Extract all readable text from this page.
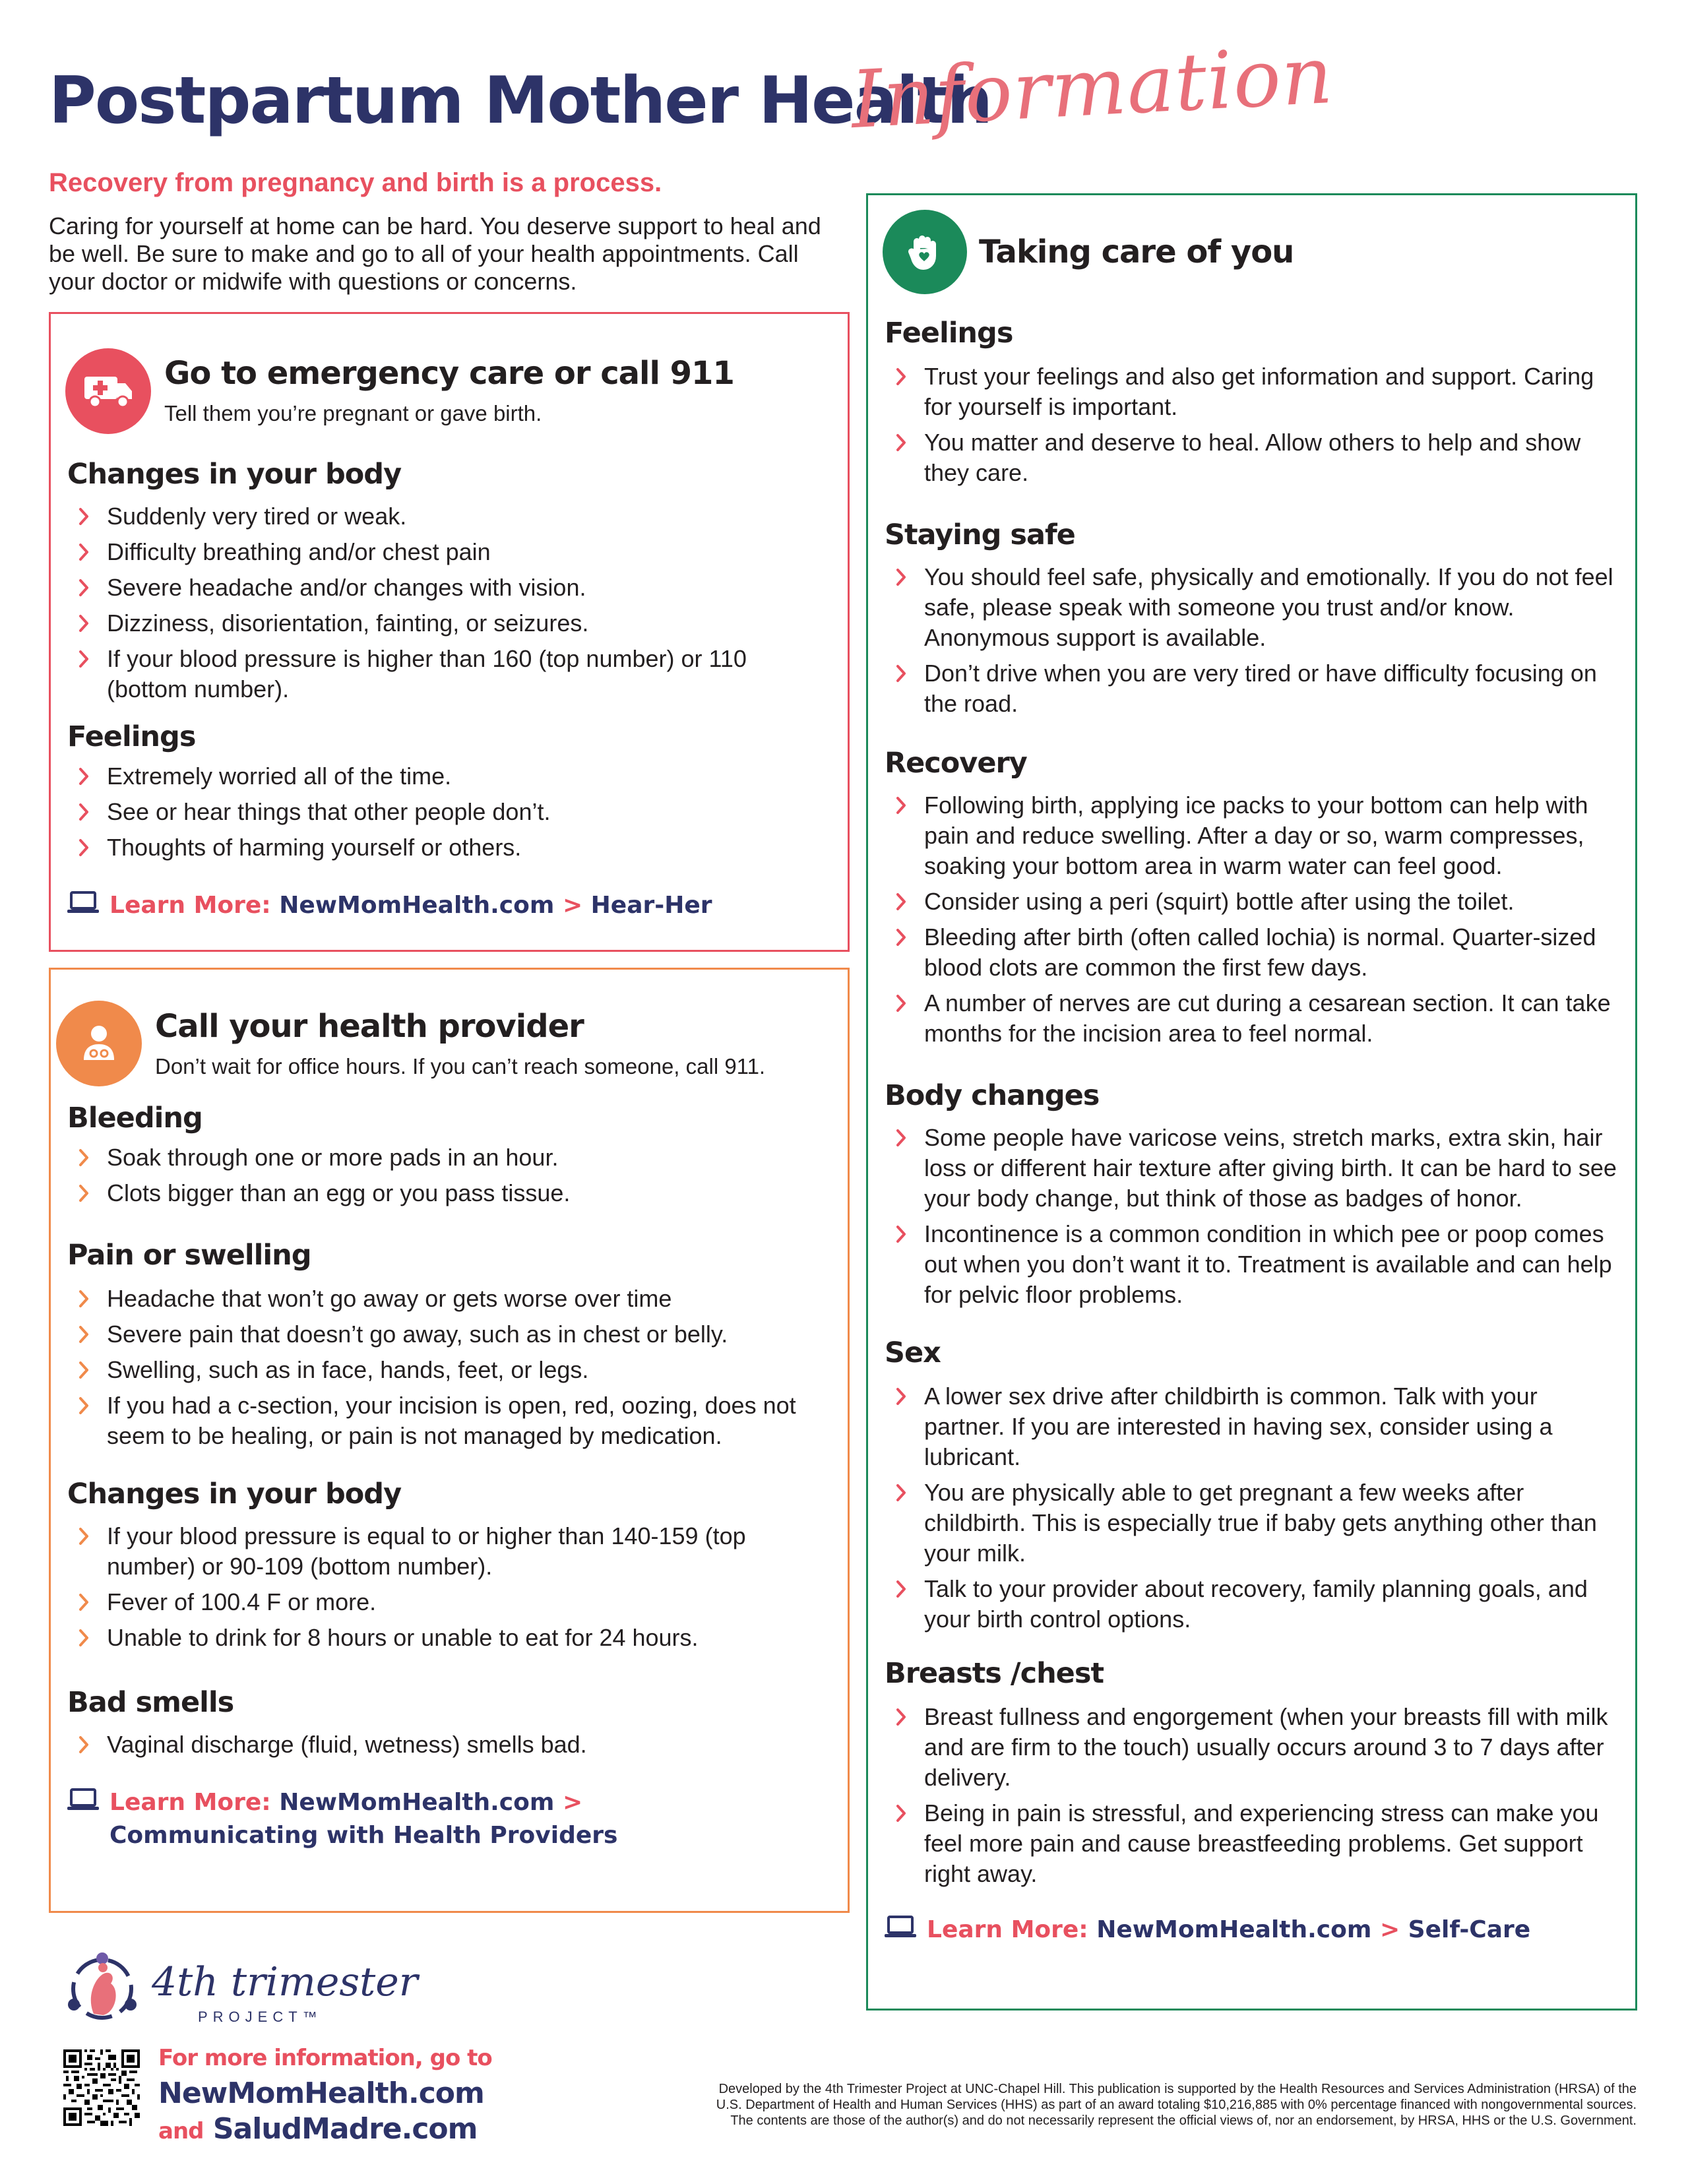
Postpartum Mother Health
Information
Recovery from pregnancy and birth is a process.
Caring for yourself at home can be hard. You deserve support to heal and be well. Be sure to make and go to all of your health appointments. Call your doctor or midwife with questions or concerns.
Go to emergency care or call 911
Tell them you’re pregnant or gave birth.
Changes in your body
Suddenly very tired or weak.
Difficulty breathing and/or chest pain
Severe headache and/or changes with vision.
Dizziness, disorientation, fainting, or seizures.
If your blood pressure is higher than 160 (top number) or 110 (bottom number).
Feelings
Extremely worried all of the time.
See or hear things that other people don’t.
Thoughts of harming yourself or others.
Learn More: NewMomHealth.com > Hear-Her
Call your health provider
Don’t wait for office hours. If you can’t reach someone, call 911.
Bleeding
Soak through one or more pads in an hour.
Clots bigger than an egg or you pass tissue.
Pain or swelling
Headache that won’t go away or gets worse over time
Severe pain that doesn’t go away, such as in chest or belly.
Swelling, such as in face, hands, feet, or legs.
If you had a c-section, your incision is open, red, oozing, does not seem to be healing, or pain is not managed by medication.
Changes in your body
If your blood pressure is equal to or higher than 140-159 (top number) or 90-109 (bottom number).
Fever of 100.4 F or more.
Unable to drink for 8 hours or unable to eat for 24 hours.
Bad smells
Vaginal discharge (fluid, wetness) smells bad.
Learn More: NewMomHealth.com >
Communicating with Health Providers
Taking care of you
Feelings
Trust your feelings and also get information and support. Caring for yourself is important.
You matter and deserve to heal. Allow others to help and show they care.
Staying safe
You should feel safe, physically and emotionally. If you do not feel safe, please speak with someone you trust and/or know. Anonymous support is available.
Don’t drive when you are very tired or have difficulty focusing on the road.
Recovery
Following birth, applying ice packs to your bottom can help with pain and reduce swelling. After a day or so, warm compresses, soaking your bottom area in warm water can feel good.
Consider using a peri (squirt) bottle after using the toilet.
Bleeding after birth (often called lochia) is normal. Quarter-sized blood clots are common the first few days.
A number of nerves are cut during a cesarean section. It can take months for the incision area to feel normal.
Body changes
Some people have varicose veins, stretch marks, extra skin, hair loss or different hair texture after giving birth. It can be hard to see your body change, but think of those as badges of honor.
Incontinence is a common condition in which pee or poop comes out when you don’t want it to. Treatment is available and can help for pelvic floor problems.
Sex
A lower sex drive after childbirth is common. Talk with your partner. If you are interested in having sex, consider using a lubricant.
You are physically able to get pregnant a few weeks after childbirth. This is especially true if baby gets anything other than your milk.
Talk to your provider about recovery, family planning goals, and your birth control options.
Breasts /chest
Breast fullness and engorgement (when your breasts fill with milk and are firm to the touch) usually occurs around 3 to 7 days after delivery.
Being in pain is stressful, and experiencing stress can make you feel more pain and cause breastfeeding problems. Get support right away.
Learn More: NewMomHealth.com > Self-Care
4th trimester
PROJECT™
For more information, go to
NewMomHealth.com
and SaludMadre.com
Developed by the 4th Trimester Project at UNC-Chapel Hill. This publication is supported by the Health Resources and Services Administration (HRSA) of the U.S. Department of Health and Human Services (HHS) as part of an award totaling $10,216,885 with 0% percentage financed with nongovernmental sources. The contents are those of the author(s) and do not necessarily represent the official views of, nor an endorsement, by HRSA, HHS or the U.S. Government.
